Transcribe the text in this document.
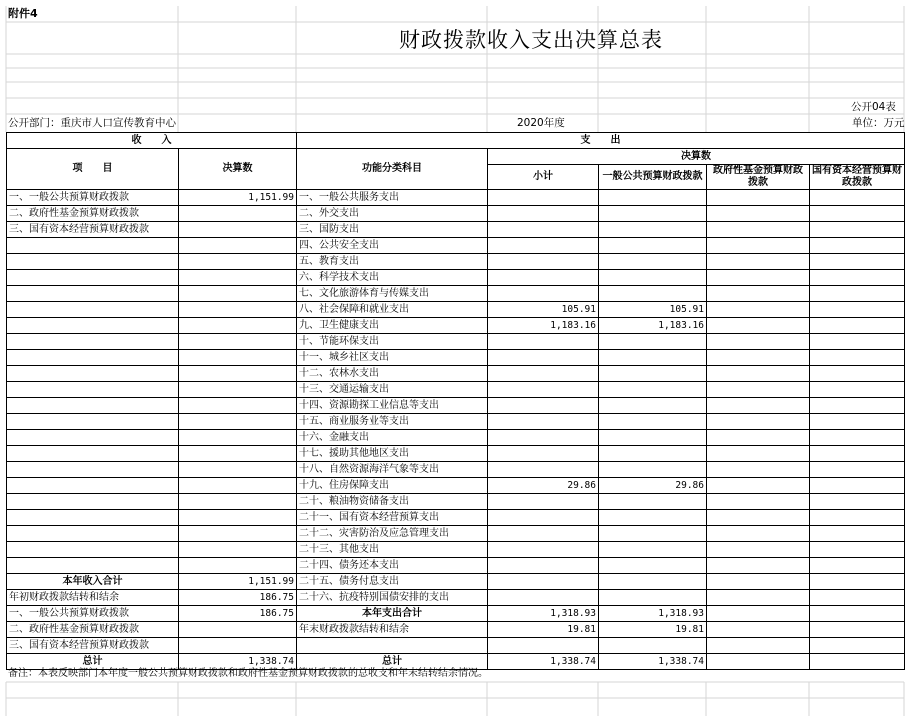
附件4
财政拨款收入支出决算总表
公开04表
公开部门：重庆市人口宣传教育中心	2020年度	单位：万元
收　　入		支　　出				
项　　目	决算数	功能分类科目	决算数			
			小计	一般公共预算财政拨款	政府性基金预算财政拨款	国有资本经营预算财政拨款

一、一般公共预算财政拨款	1,151.99	一、一般公共服务支出				
二、政府性基金预算财政拨款		二、外交支出				
三、国有资本经营预算财政拨款		三、国防支出				
		四、公共安全支出				
		五、教育支出				
		六、科学技术支出				
		七、文化旅游体育与传媒支出				
		八、社会保障和就业支出	105.91	105.91		
		九、卫生健康支出	1,183.16	1,183.16		
		十、节能环保支出				
		十一、城乡社区支出				
		十二、农林水支出				
		十三、交通运输支出				
		十四、资源勘探工业信息等支出				
		十五、商业服务业等支出				
		十六、金融支出				
		十七、援助其他地区支出				
		十八、自然资源海洋气象等支出				
		十九、住房保障支出	29.86	29.86		
		二十、粮油物资储备支出				
		二十一、国有资本经营预算支出				
		二十二、灾害防治及应急管理支出				
		二十三、其他支出				
		二十四、债务还本支出				
本年收入合计	1,151.99	二十五、债务付息支出				
年初财政拨款结转和结余	186.75	二十六、抗疫特别国债安排的支出				
一、一般公共预算财政拨款	186.75	本年支出合计	1,318.93	1,318.93		
二、政府性基金预算财政拨款		年末财政拨款结转和结余	19.81	19.81		
三、国有资本经营预算财政拨款						
总计	1,338.74	总计	1,338.74	1,338.74		
备注：本表反映部门本年度一般公共预算财政拨款和政府性基金预算财政拨款的总收支和年末结转结余情况。
